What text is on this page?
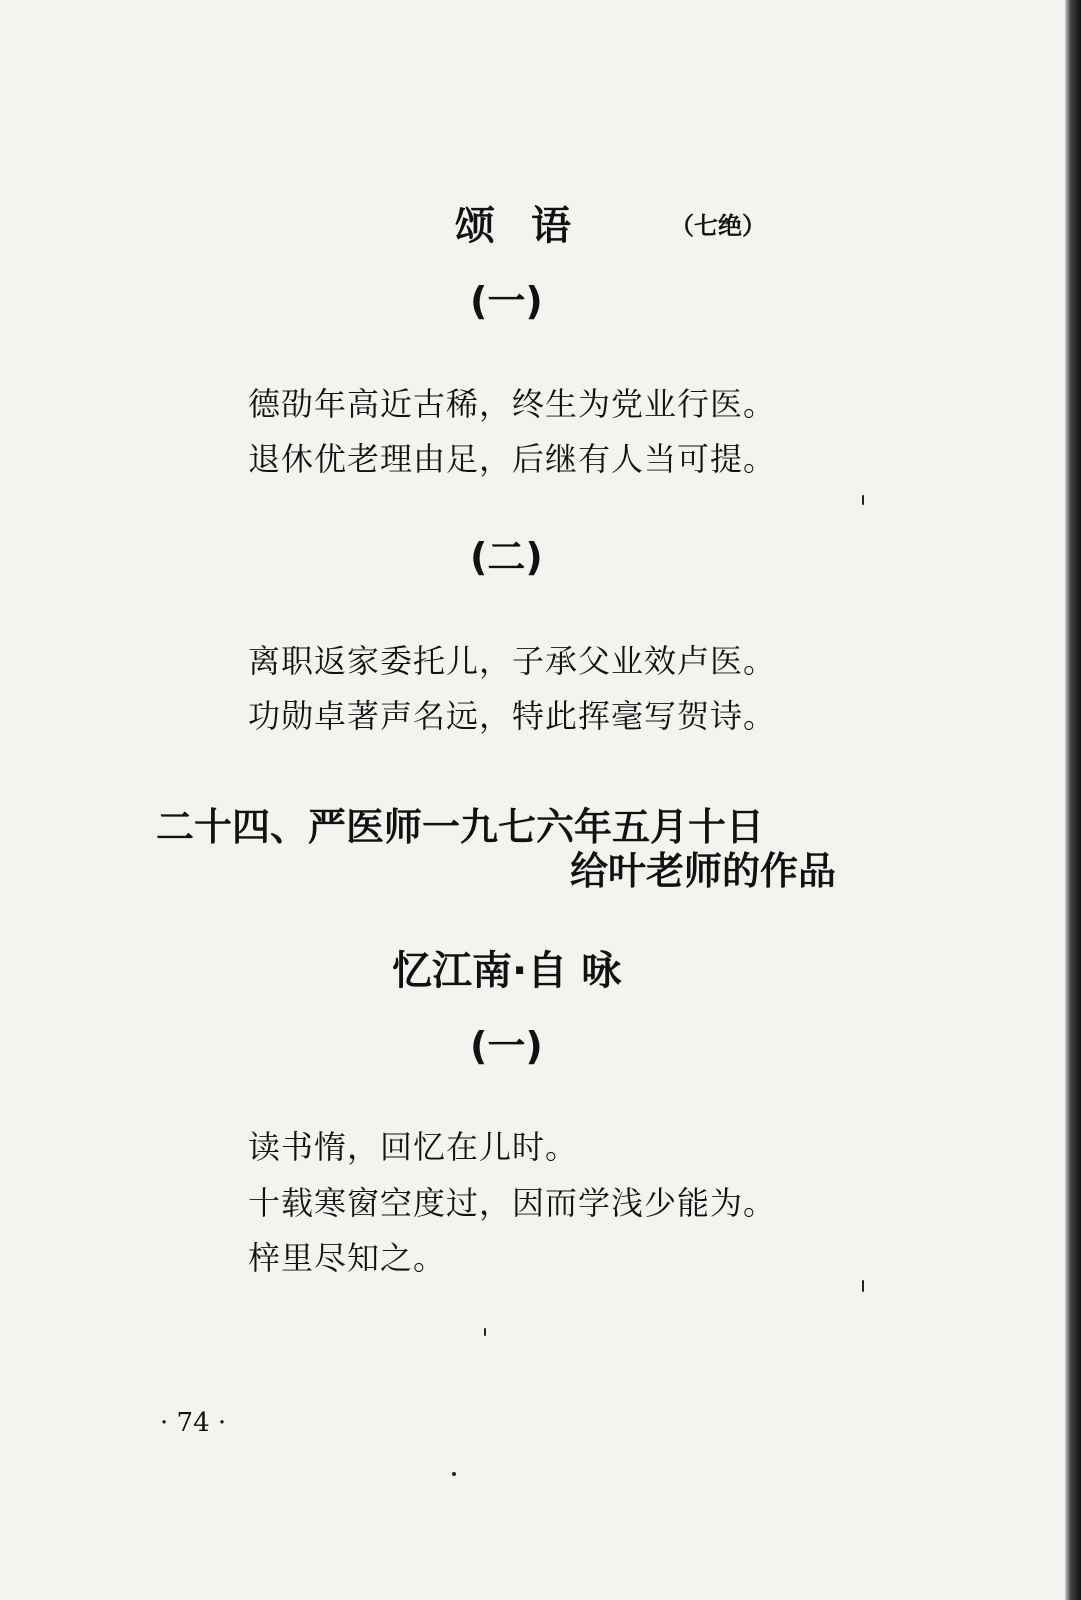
颂 语	（七绝）
(一)
德劭年高近古稀，终生为党业行医。
退休优老理由足，后继有人当可提。
(二)
离职返家委托儿，子承父业效卢医。
功勋卓著声名远，特此挥毫写贺诗。
二十四、严医师一九七六年五月十日
给叶老师的作品
忆江南·自 咏
(一)
读书惰，回忆在儿时。
十载寒窗空度过，因而学浅少能为。
梓里尽知之。
· 74 ·
